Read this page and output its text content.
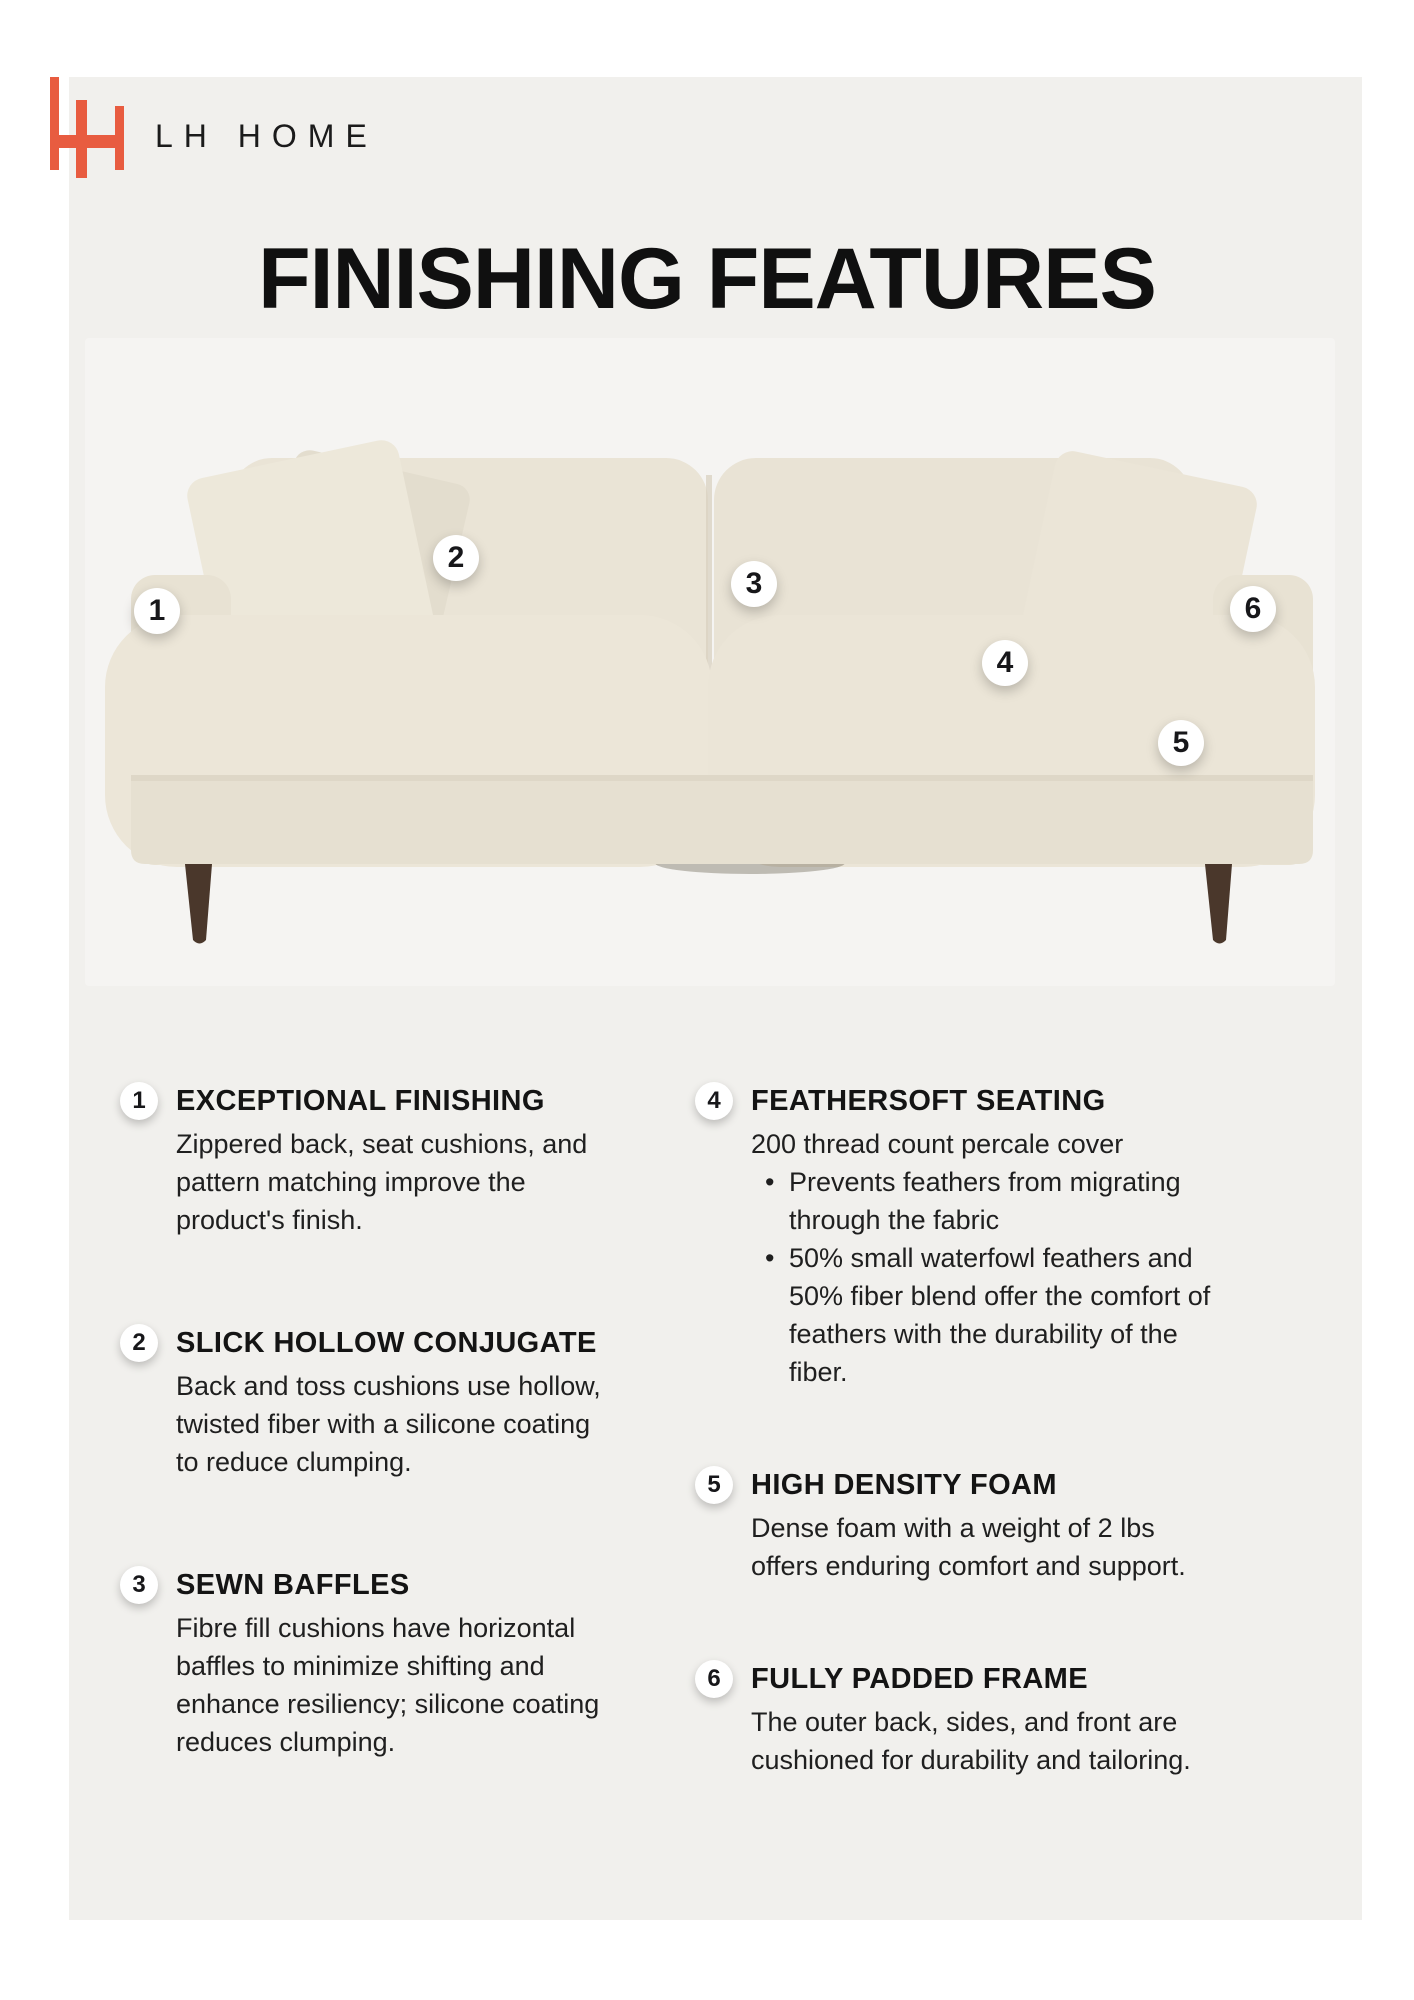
LH HOME
FINISHING FEATURES
1
2
3
4
5
6
1	EXCEPTIONAL FINISHING

Zippered back, seat cushions, and pattern matching improve the product's finish.

2	SLICK HOLLOW CONJUGATE

Back and toss cushions use hollow, twisted fiber with a silicone coating to reduce clumping.

3	SEWN BAFFLES

Fibre fill cushions have horizontal baffles to minimize shifting and enhance resiliency; silicone coating reduces clumping.

4	FEATHERSOFT SEATING

200 thread count percale cover

• Prevents feathers from migrating through the fabric
• 50% small waterfowl feathers and 50% fiber blend offer the comfort of feathers with the durability of the fiber.
5	HIGH DENSITY FOAM

Dense foam with a weight of 2 lbs offers enduring comfort and support.

6	FULLY PADDED FRAME

The outer back, sides, and front are cushioned for durability and tailoring.
